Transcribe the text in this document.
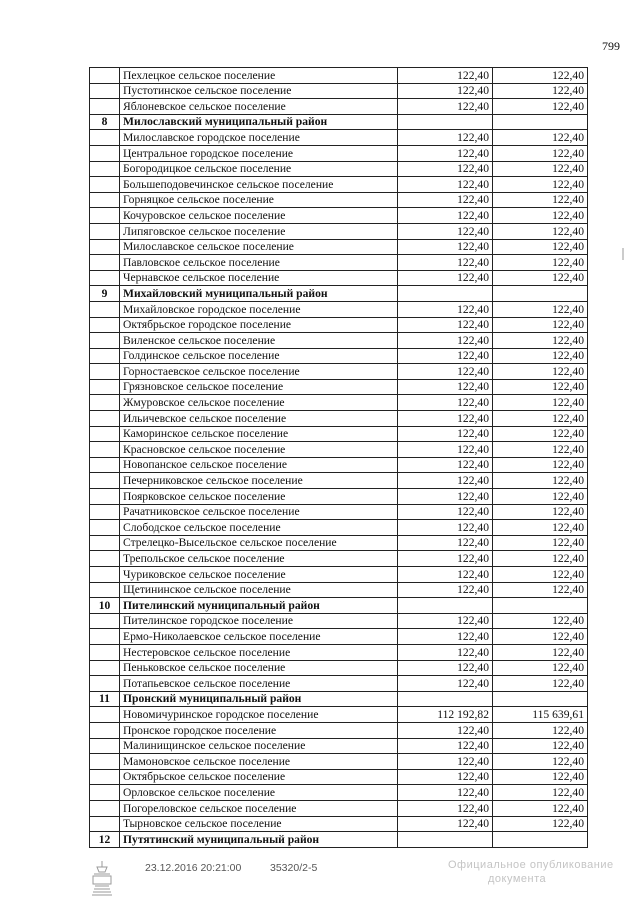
799
	Пехлецкое сельское поселение	122,40	122,40
	Пустотинское сельское поселение	122,40	122,40
	Яблоневское сельское поселение	122,40	122,40
8	Милославский муниципальный район		
	Милославское городское поселение	122,40	122,40
	Центральное городское поселение	122,40	122,40
	Богородицкое сельское поселение	122,40	122,40
	Большеподовечинское сельское поселение	122,40	122,40
	Горняцкое сельское поселение	122,40	122,40
	Кочуровское сельское поселение	122,40	122,40
	Липяговское сельское поселение	122,40	122,40
	Милославское сельское поселение	122,40	122,40
	Павловское сельское поселение	122,40	122,40
	Чернавское сельское поселение	122,40	122,40
9	Михайловский муниципальный район		
	Михайловское городское поселение	122,40	122,40
	Октябрьское городское поселение	122,40	122,40
	Виленское сельское поселение	122,40	122,40
	Голдинское сельское поселение	122,40	122,40
	Горностаевское сельское поселение	122,40	122,40
	Грязновское сельское поселение	122,40	122,40
	Жмуровское сельское поселение	122,40	122,40
	Ильичевское сельское поселение	122,40	122,40
	Каморинское сельское поселение	122,40	122,40
	Красновское сельское поселение	122,40	122,40
	Новопанское сельское поселение	122,40	122,40
	Печерниковское сельское поселение	122,40	122,40
	Поярковское сельское поселение	122,40	122,40
	Рачатниковское сельское поселение	122,40	122,40
	Слободское сельское поселение	122,40	122,40
	Стрелецко-Высельское сельское поселение	122,40	122,40
	Трепольское сельское поселение	122,40	122,40
	Чуриковское сельское поселение	122,40	122,40
	Щетининское сельское поселение	122,40	122,40
10	Пителинский муниципальный район		
	Пителинское городское поселение	122,40	122,40
	Ермо-Николаевское сельское поселение	122,40	122,40
	Нестеровское сельское поселение	122,40	122,40
	Пеньковское сельское поселение	122,40	122,40
	Потапьевское сельское поселение	122,40	122,40
11	Пронский муниципальный район		
	Новомичуринское городское поселение	112 192,82	115 639,61
	Пронское городское поселение	122,40	122,40
	Малинищинское сельское поселение	122,40	122,40
	Мамоновское сельское поселение	122,40	122,40
	Октябрьское сельское поселение	122,40	122,40
	Орловское сельское поселение	122,40	122,40
	Погореловское сельское поселение	122,40	122,40
	Тырновское сельское поселение	122,40	122,40
12	Путятинский муниципальный район		
23.12.2016 20:21:00	35320/2-5	Официальное опубликование
документа
